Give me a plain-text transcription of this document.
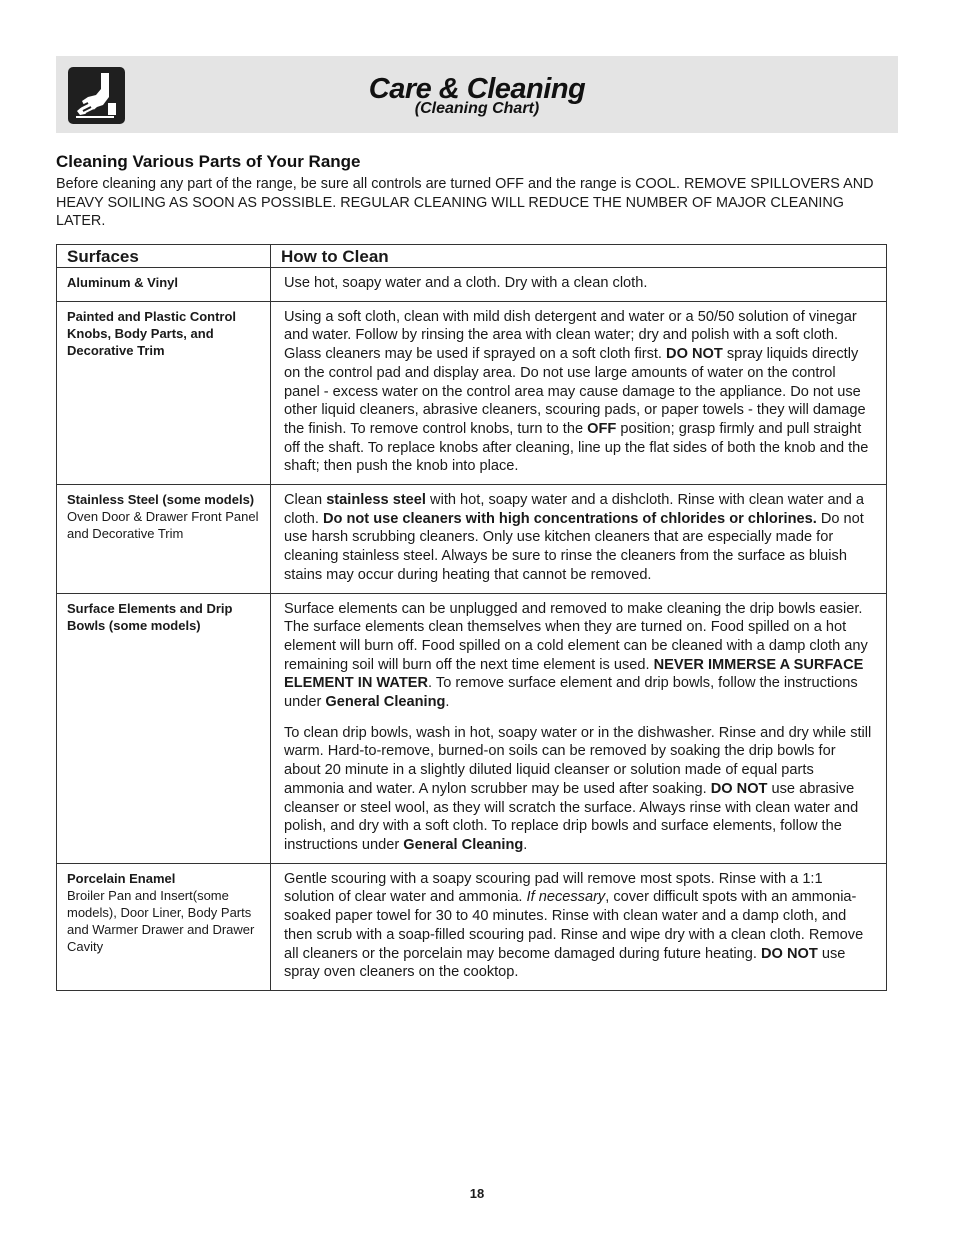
Care & Cleaning
(Cleaning Chart)
Cleaning Various Parts of Your Range
Before cleaning any part of the range, be sure all controls are turned OFF and the range is COOL. REMOVE SPILLOVERS AND HEAVY SOILING AS SOON AS POSSIBLE. REGULAR CLEANING WILL REDUCE THE NUMBER OF MAJOR CLEANING LATER.
Surfaces	How to Clean
Aluminum & Vinyl	Use hot, soapy water and a cloth. Dry with a clean cloth.

Painted and Plastic Control Knobs, Body Parts, and Decorative Trim	Using a soft cloth, clean with mild dish detergent and water or a 50/50 solution of vinegar and water. Follow by rinsing the area with clean water; dry and polish with a soft cloth. Glass cleaners may be used if sprayed on a soft cloth first. DO NOT spray liquids directly on the control pad and display area. Do not use large amounts of water on the control panel - excess water on the control area may cause damage to the appliance. Do not use other liquid cleaners, abrasive cleaners, scouring pads, or paper towels - they will damage the finish. To remove control knobs, turn to the OFF position; grasp firmly and pull straight off the shaft. To replace knobs after cleaning, line up the flat sides of both the knob and the shaft; then push the knob into place.

Stainless Steel (some models) Oven Door & Drawer Front Panel and Decorative Trim	Clean stainless steel with hot, soapy water and a dishcloth. Rinse with clean water and a cloth. Do not use cleaners with high concentrations of chlorides or chlorines. Do not use harsh scrubbing cleaners. Only use kitchen cleaners that are especially made for cleaning stainless steel. Always be sure to rinse the cleaners from the surface as bluish stains may occur during heating that cannot be removed.

Surface Elements and Drip Bowls (some models)	Surface elements can be unplugged and removed to make cleaning the drip bowls easier. The surface elements clean themselves when they are turned on. Food spilled on a hot element will burn off. Food spilled on a cold element can be cleaned with a damp cloth any remaining soil will burn off the next time element is used. NEVER IMMERSE A SURFACE ELEMENT IN WATER. To remove surface element and drip bowls, follow the instructions under General Cleaning.
To clean drip bowls, wash in hot, soapy water or in the dishwasher. Rinse and dry while still warm. Hard-to-remove, burned-on soils can be removed by soaking the drip bowls for about 20 minute in a slightly diluted liquid cleanser or solution made of equal parts ammonia and water. A nylon scrubber may be used after soaking. DO NOT use abrasive cleanser or steel wool, as they will scratch the surface. Always rinse with clean water and polish, and dry with a soft cloth. To replace drip bowls and surface elements, follow the instructions under General Cleaning.

Porcelain Enamel
Broiler Pan and Insert(some models), Door Liner, Body Parts and Warmer Drawer and Drawer Cavity	Gentle scouring with a soapy scouring pad will remove most spots. Rinse with a 1:1 solution of clear water and ammonia. If necessary, cover difficult spots with an ammonia-soaked paper towel for 30 to 40 minutes. Rinse with clean water and a damp cloth, and then scrub with a soap-filled scouring pad. Rinse and wipe dry with a clean cloth. Remove all cleaners or the porcelain may become damaged during future heating. DO NOT use spray oven cleaners on the cooktop.
18
